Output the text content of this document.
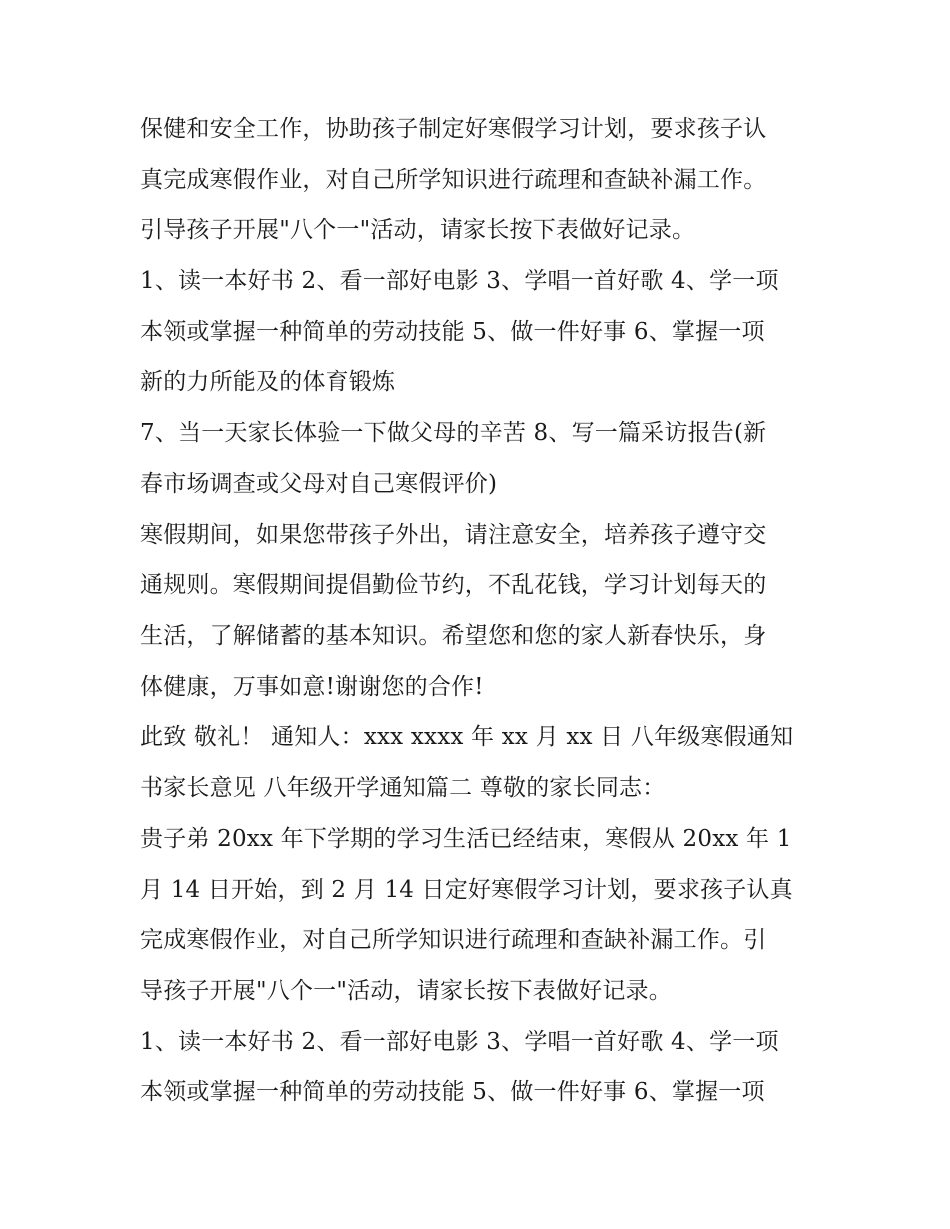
保健和安全工作，协助孩子制定好寒假学习计划，要求孩子认
真完成寒假作业，对自己所学知识进行疏理和查缺补漏工作。
引导孩子开展"八个一"活动，请家长按下表做好记录。
1、读一本好书 2、看一部好电影 3、学唱一首好歌 4、学一项
本领或掌握一种简单的劳动技能 5、做一件好事 6、掌握一项
新的力所能及的体育锻炼
7、当一天家长体验一下做父母的辛苦 8、写一篇采访报告(新
春市场调查或父母对自己寒假评价)
寒假期间，如果您带孩子外出，请注意安全，培养孩子遵守交
通规则。寒假期间提倡勤俭节约，不乱花钱，学习计划每天的
生活，了解储蓄的基本知识。希望您和您的家人新春快乐，身
体健康，万事如意!谢谢您的合作!
此致 敬礼！ 通知人：xxx xxxx 年 xx 月 xx 日 八年级寒假通知
书家长意见 八年级开学通知篇二 尊敬的家长同志：
贵子弟 20xx 年下学期的学习生活已经结束，寒假从 20xx 年 1
月 14 日开始，到 2 月 14 日定好寒假学习计划，要求孩子认真
完成寒假作业，对自己所学知识进行疏理和查缺补漏工作。引
导孩子开展"八个一"活动，请家长按下表做好记录。
1、读一本好书 2、看一部好电影 3、学唱一首好歌 4、学一项
本领或掌握一种简单的劳动技能 5、做一件好事 6、掌握一项
